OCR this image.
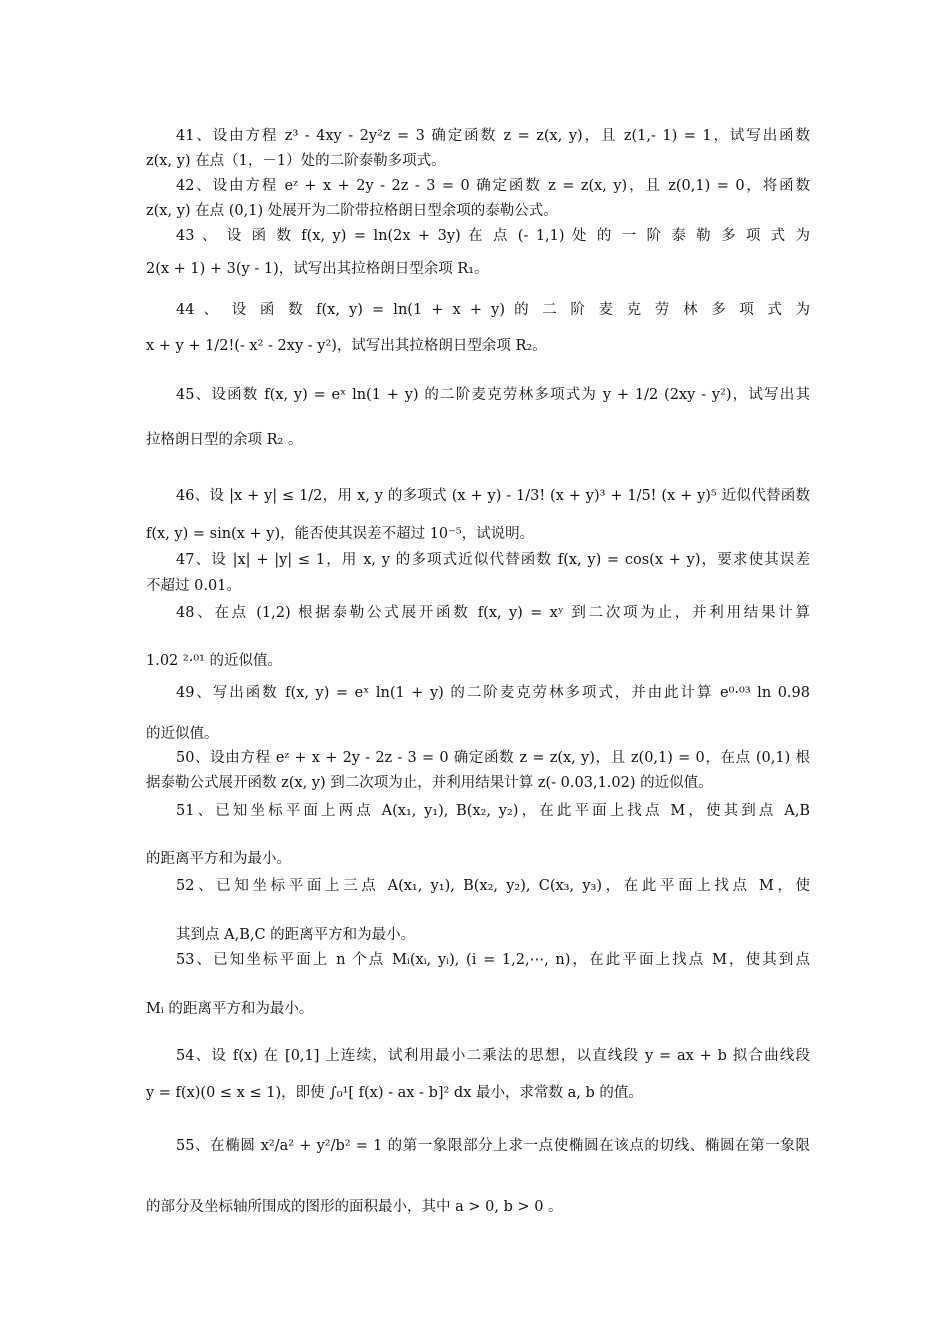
41、设由方程 z³ - 4xy - 2y²z = 3 确定函数 z = z(x, y)，且 z(1,- 1) = 1，试写出函数
z(x, y) 在点（1，－1）处的二阶泰勒多项式。
42、设由方程 eᶻ + x + 2y - 2z - 3 = 0 确定函数 z = z(x, y)，且 z(0,1) = 0，将函数
z(x, y) 在点 (0,1) 处展开为二阶带拉格朗日型余项的泰勒公式。
43 、 设 函 数 f(x, y) = ln(2x + 3y) 在 点 (- 1,1) 处 的 一 阶 泰 勒 多 项 式 为
2(x + 1) + 3(y - 1)，试写出其拉格朗日型余项 R₁。
44 、 设 函 数 f(x, y) = ln(1 + x + y) 的 二 阶 麦 克 劳 林 多 项 式 为
x + y + 1/2!(- x² - 2xy - y²)，试写出其拉格朗日型余项 R₂。
45、设函数 f(x, y) = eˣ ln(1 + y) 的二阶麦克劳林多项式为 y + 1/2 (2xy - y²)，试写出其
拉格朗日型的余项 R₂ 。
46、设 |x + y| ≤ 1/2，用 x, y 的多项式 (x + y) - 1/3! (x + y)³ + 1/5! (x + y)⁵ 近似代替函数
f(x, y) = sin(x + y)，能否使其误差不超过 10⁻⁵，试说明。
47、设 |x| + |y| ≤ 1，用 x, y 的多项式近似代替函数 f(x, y) = cos(x + y)，要求使其误差
不超过 0.01。
48、在点 (1,2) 根据泰勒公式展开函数 f(x, y) = xʸ 到二次项为止，并利用结果计算
1.02 ²·⁰¹ 的近似值。
49、写出函数 f(x, y) = eˣ ln(1 + y) 的二阶麦克劳林多项式，并由此计算 e⁰·⁰³ ln 0.98
的近似值。
50、设由方程 eᶻ + x + 2y - 2z - 3 = 0 确定函数 z = z(x, y)，且 z(0,1) = 0，在点 (0,1) 根
据泰勒公式展开函数 z(x, y) 到二次项为止，并利用结果计算 z(- 0.03,1.02) 的近似值。
51、已知坐标平面上两点 A(x₁, y₁), B(x₂, y₂)，在此平面上找点 M，使其到点 A,B
的距离平方和为最小。
52、已知坐标平面上三点 A(x₁, y₁), B(x₂, y₂), C(x₃, y₃)，在此平面上找点 M，使
其到点 A,B,C 的距离平方和为最小。
53、已知坐标平面上 n 个点 Mᵢ(xᵢ, yᵢ), (i = 1,2,⋯, n)，在此平面上找点 M，使其到点
Mᵢ 的距离平方和为最小。
54、设 f(x) 在 [0,1] 上连续，试利用最小二乘法的思想，以直线段 y = ax + b 拟合曲线段
y = f(x)(0 ≤ x ≤ 1)，即使 ∫₀¹[ f(x) - ax - b]² dx 最小，求常数 a, b 的值。
55、在椭圆 x²/a² + y²/b² = 1 的第一象限部分上求一点使椭圆在该点的切线、椭圆在第一象限
的部分及坐标轴所围成的图形的面积最小，其中 a > 0, b > 0 。
